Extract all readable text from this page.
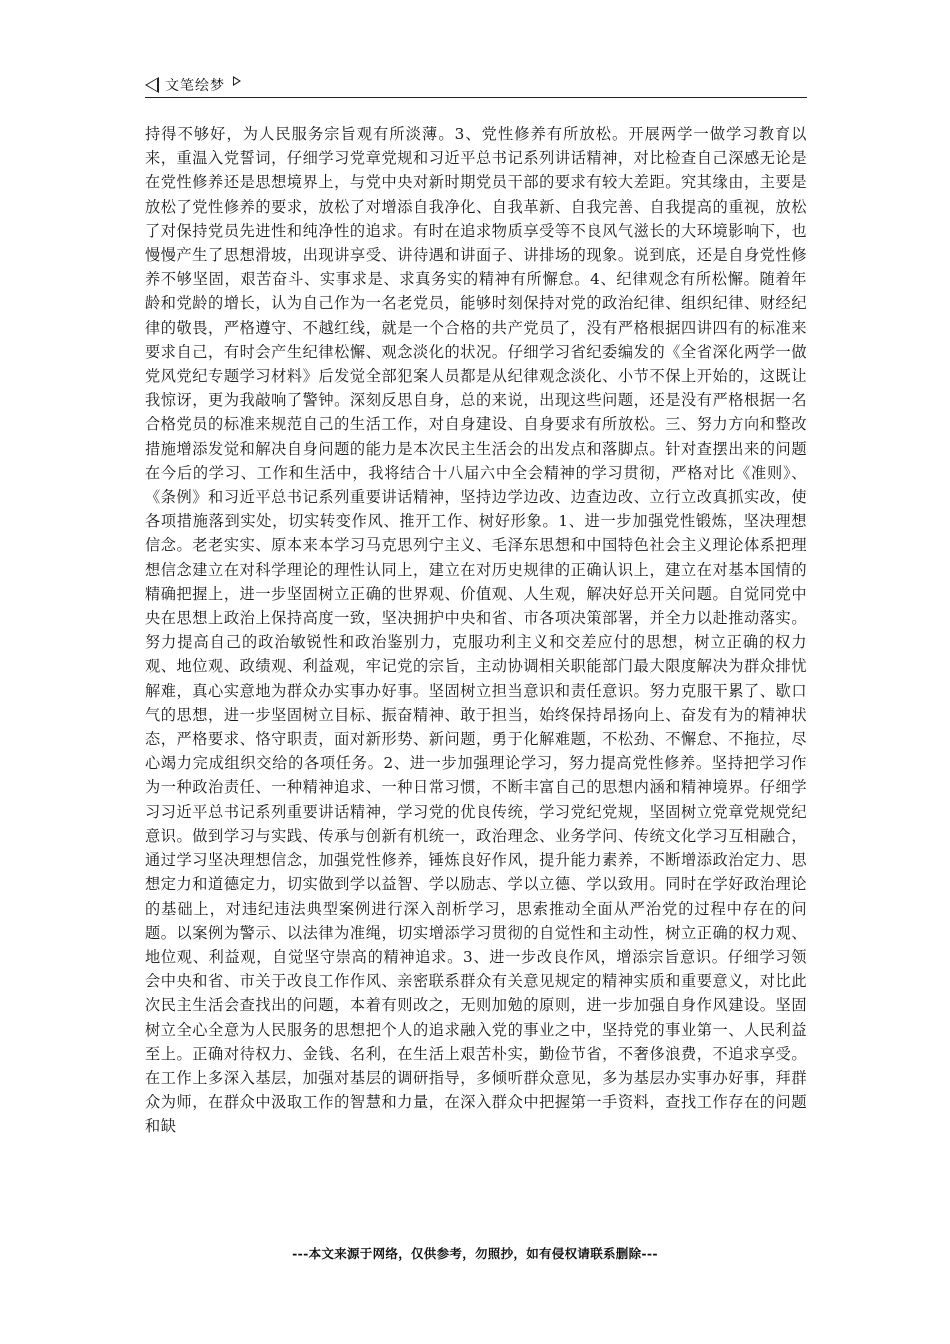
文笔绘梦

持得不够好，为人民服务宗旨观有所淡薄。3、党性修养有所放松。开展两学一做学习教育以来，重温入党誓词，仔细学习党章党规和习近平总书记系列讲话精神，对比检查自己深感无论是在党性修养还是思想境界上，与党中央对新时期党员干部的要求有较大差距。究其缘由，主要是放松了党性修养的要求，放松了对增添自我净化、自我革新、自我完善、自我提高的重视，放松了对保持党员先进性和纯净性的追求。有时在追求物质享受等不良风气滋长的大环境影响下，也慢慢产生了思想滑坡，出现讲享受、讲待遇和讲面子、讲排场的现象。说到底，还是自身党性修养不够坚固，艰苦奋斗、实事求是、求真务实的精神有所懈怠。4、纪律观念有所松懈。随着年龄和党龄的增长，认为自己作为一名老党员，能够时刻保持对党的政治纪律、组织纪律、财经纪律的敬畏，严格遵守、不越红线，就是一个合格的共产党员了，没有严格根据四讲四有的标准来要求自己，有时会产生纪律松懈、观念淡化的状况。仔细学习省纪委编发的《全省深化两学一做党风党纪专题学习材料》后发觉全部犯案人员都是从纪律观念淡化、小节不保上开始的，这既让我惊讶，更为我敲响了警钟。深刻反思自身，总的来说，出现这些问题，还是没有严格根据一名合格党员的标准来规范自己的生活工作，对自身建设、自身要求有所放松。三、努力方向和整改措施增添发觉和解决自身问题的能力是本次民主生活会的出发点和落脚点。针对查摆出来的问题在今后的学习、工作和生活中，我将结合十八届六中全会精神的学习贯彻，严格对比《准则》、《条例》和习近平总书记系列重要讲话精神，坚持边学边改、边查边改、立行立改真抓实改，使各项措施落到实处，切实转变作风、推开工作、树好形象。1、进一步加强党性锻炼，坚决理想信念。老老实实、原本来本学习马克思列宁主义、毛泽东思想和中国特色社会主义理论体系把理想信念建立在对科学理论的理性认同上，建立在对历史规律的正确认识上，建立在对基本国情的精确把握上，进一步坚固树立正确的世界观、价值观、人生观，解决好总开关问题。自觉同党中央在思想上政治上保持高度一致，坚决拥护中央和省、市各项决策部署，并全力以赴推动落实。努力提高自己的政治敏锐性和政治鉴别力，克服功利主义和交差应付的思想，树立正确的权力观、地位观、政绩观、利益观，牢记党的宗旨，主动协调相关职能部门最大限度解决为群众排忧解难，真心实意地为群众办实事办好事。坚固树立担当意识和责任意识。努力克服干累了、歇口气的思想，进一步坚固树立目标、振奋精神、敢于担当，始终保持昂扬向上、奋发有为的精神状态，严格要求、恪守职责，面对新形势、新问题，勇于化解难题，不松劲、不懈怠、不拖拉，尽心竭力完成组织交给的各项任务。2、进一步加强理论学习，努力提高党性修养。坚持把学习作为一种政治责任、一种精神追求、一种日常习惯，不断丰富自己的思想内涵和精神境界。仔细学习习近平总书记系列重要讲话精神，学习党的优良传统，学习党纪党规，坚固树立党章党规党纪意识。做到学习与实践、传承与创新有机统一，政治理念、业务学问、传统文化学习互相融合，通过学习坚决理想信念，加强党性修养，锤炼良好作风，提升能力素养，不断增添政治定力、思想定力和道德定力，切实做到学以益智、学以励志、学以立德、学以致用。同时在学好政治理论的基础上，对违纪违法典型案例进行深入剖析学习，思索推动全面从严治党的过程中存在的问题。以案例为警示、以法律为准绳，切实增添学习贯彻的自觉性和主动性，树立正确的权力观、地位观、利益观，自觉坚守崇高的精神追求。3、进一步改良作风，增添宗旨意识。仔细学习领会中央和省、市关于改良工作作风、亲密联系群众有关意见规定的精神实质和重要意义，对比此次民主生活会查找出的问题，本着有则改之，无则加勉的原则，进一步加强自身作风建设。坚固树立全心全意为人民服务的思想把个人的追求融入党的事业之中，坚持党的事业第一、人民利益至上。正确对待权力、金钱、名利，在生活上艰苦朴实，勤俭节省，不奢侈浪费，不追求享受。在工作上多深入基层，加强对基层的调研指导，多倾听群众意见，多为基层办实事办好事，拜群众为师，在群众中汲取工作的智慧和力量，在深入群众中把握第一手资料，查找工作存在的问题和缺

---本文来源于网络，仅供参考，勿照抄，如有侵权请联系删除---
